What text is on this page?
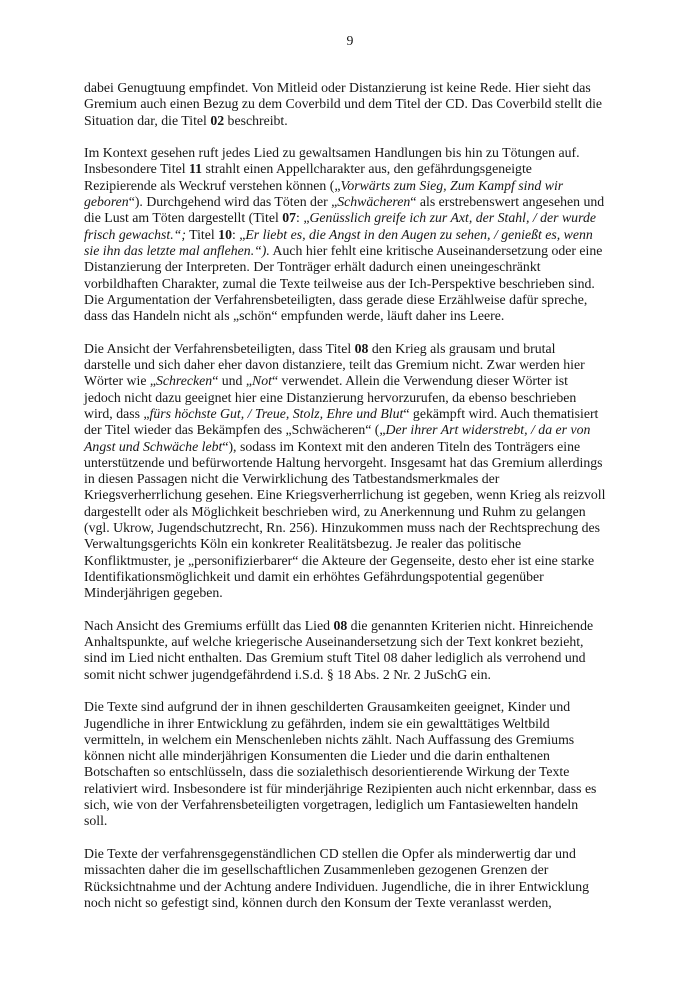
9

dabei Genugtuung empfindet. Von Mitleid oder Distanzierung ist keine Rede. Hier sieht das
Gremium auch einen Bezug zu dem Coverbild und dem Titel der CD. Das Coverbild stellt die
Situation dar, die Titel 02 beschreibt.

Im Kontext gesehen ruft jedes Lied zu gewaltsamen Handlungen bis hin zu Tötungen auf.
Insbesondere Titel 11 strahlt einen Appellcharakter aus, den gefährdungsgeneigte
Rezipierende als Weckruf verstehen können („Vorwärts zum Sieg, Zum Kampf sind wir
geboren“). Durchgehend wird das Töten der „Schwächeren“ als erstrebenswert angesehen und
die Lust am Töten dargestellt (Titel 07: „Genüsslich greife ich zur Axt, der Stahl, / der wurde
frisch gewachst.“; Titel 10: „Er liebt es, die Angst in den Augen zu sehen, / genießt es, wenn
sie ihn das letzte mal anflehen.“). Auch hier fehlt eine kritische Auseinandersetzung oder eine
Distanzierung der Interpreten. Der Tonträger erhält dadurch einen uneingeschränkt
vorbildhaften Charakter, zumal die Texte teilweise aus der Ich-Perspektive beschrieben sind.
Die Argumentation der Verfahrensbeteiligten, dass gerade diese Erzählweise dafür spreche,
dass das Handeln nicht als „schön“ empfunden werde, läuft daher ins Leere.

Die Ansicht der Verfahrensbeteiligten, dass Titel 08 den Krieg als grausam und brutal
darstelle und sich daher eher davon distanziere, teilt das Gremium nicht. Zwar werden hier
Wörter wie „Schrecken“ und „Not“ verwendet. Allein die Verwendung dieser Wörter ist
jedoch nicht dazu geeignet hier eine Distanzierung hervorzurufen, da ebenso beschrieben
wird, dass „fürs höchste Gut, / Treue, Stolz, Ehre und Blut“ gekämpft wird. Auch thematisiert
der Titel wieder das Bekämpfen des „Schwächeren“ („Der ihrer Art widerstrebt, / da er von
Angst und Schwäche lebt“), sodass im Kontext mit den anderen Titeln des Tonträgers eine
unterstützende und befürwortende Haltung hervorgeht. Insgesamt hat das Gremium allerdings
in diesen Passagen nicht die Verwirklichung des Tatbestandsmerkmales der
Kriegsverherrlichung gesehen. Eine Kriegsverherrlichung ist gegeben, wenn Krieg als reizvoll
dargestellt oder als Möglichkeit beschrieben wird, zu Anerkennung und Ruhm zu gelangen
(vgl. Ukrow, Jugendschutzrecht, Rn. 256). Hinzukommen muss nach der Rechtsprechung des
Verwaltungsgerichts Köln ein konkreter Realitätsbezug. Je realer das politische
Konfliktmuster, je „personifizierbarer“ die Akteure der Gegenseite, desto eher ist eine starke
Identifikationsmöglichkeit und damit ein erhöhtes Gefährdungspotential gegenüber
Minderjährigen gegeben.

Nach Ansicht des Gremiums erfüllt das Lied 08 die genannten Kriterien nicht. Hinreichende
Anhaltspunkte, auf welche kriegerische Auseinandersetzung sich der Text konkret bezieht,
sind im Lied nicht enthalten. Das Gremium stuft Titel 08 daher lediglich als verrohend und
somit nicht schwer jugendgefährdend i.S.d. § 18 Abs. 2 Nr. 2 JuSchG ein.

Die Texte sind aufgrund der in ihnen geschilderten Grausamkeiten geeignet, Kinder und
Jugendliche in ihrer Entwicklung zu gefährden, indem sie ein gewalttätiges Weltbild
vermitteln, in welchem ein Menschenleben nichts zählt. Nach Auffassung des Gremiums
können nicht alle minderjährigen Konsumenten die Lieder und die darin enthaltenen
Botschaften so entschlüsseln, dass die sozialethisch desorientierende Wirkung der Texte
relativiert wird. Insbesondere ist für minderjährige Rezipienten auch nicht erkennbar, dass es
sich, wie von der Verfahrensbeteiligten vorgetragen, lediglich um Fantasiewelten handeln
soll.

Die Texte der verfahrensgegenständlichen CD stellen die Opfer als minderwertig dar und
missachten daher die im gesellschaftlichen Zusammenleben gezogenen Grenzen der
Rücksichtnahme und der Achtung andere Individuen. Jugendliche, die in ihrer Entwicklung
noch nicht so gefestigt sind, können durch den Konsum der Texte veranlasst werden,
